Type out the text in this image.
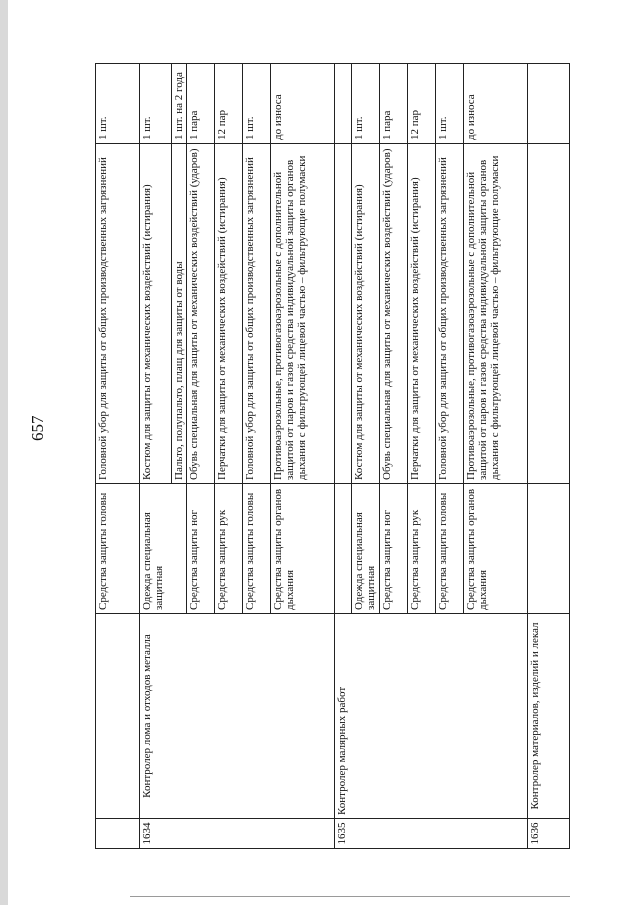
657
		Средства защиты головы	Головной убор для защиты от общих производственных загрязнений	1 шт.
1634	Контролер лома и отходов металла	Одежда специальная защитная	Костюм для защиты от механических воздействий (истирания)	1 шт.
			Пальто, полупальто, плащ для защиты от воды	1 шт. на 2 года
		Средства защиты ног	Обувь специальная для защиты от механических воздействий (ударов)	1 пара
		Средства защиты рук	Перчатки для защиты от механических воздействий (истирания)	12 пар
		Средства защиты головы	Головной убор для защиты от общих производственных загрязнений	1 шт.
		Средства защиты органов дыхания	Противоаэрозольные, противогазоаэрозольные с дополнительной защитой от паров и газов средства индивидуальной защиты органов дыхания с фильтрующей лицевой частью – фильтрующие полумаски	до износа
1635	Контролер малярных работ			
		Одежда специальная защитная	Костюм для защиты от механических воздействий (истирания)	1 шт.
		Средства защиты ног	Обувь специальная для защиты от механических воздействий (ударов)	1 пара
		Средства защиты рук	Перчатки для защиты от механических воздействий (истирания)	12 пар
		Средства защиты головы	Головной убор для защиты от общих производственных загрязнений	1 шт.
		Средства защиты органов дыхания	Противоаэрозольные, противогазоаэрозольные с дополнительной защитой от паров и газов средства индивидуальной защиты органов дыхания с фильтрующей лицевой частью – фильтрующие полумаски	до износа
1636	Контролер материалов, изделий и лекал			
